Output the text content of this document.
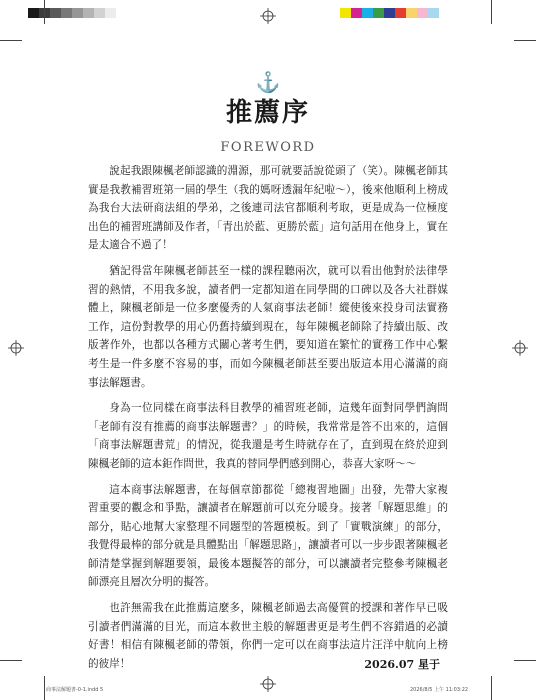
⚓
推薦序
FOREWORD

說起我跟陳楓老師認識的淵源，那可就要話說從頭了（笑）。陳楓老師其實是我教補習班第一屆的學生（我的媽呀透漏年紀啦～），後來他順利上榜成為我台大法研商法組的學弟，之後連司法官都順利考取，更是成為一位極度出色的補習班講師及作者，「青出於藍、更勝於藍」這句話用在他身上，實在是太適合不過了！

猶記得當年陳楓老師甚至一樣的課程聽兩次，就可以看出他對於法律學習的熱情，不用我多說，讀者們一定都知道在同學間的口碑以及各大社群媒體上，陳楓老師是一位多麼優秀的人氣商事法老師！縱使後來投身司法實務工作，這份對教學的用心仍舊持續到現在，每年陳楓老師除了持續出版、改版著作外，也都以各種方式關心著考生們，要知道在繁忙的實務工作中心繫考生是一件多麼不容易的事，而如今陳楓老師甚至要出版這本用心滿滿的商事法解題書。

身為一位同樣在商事法科目教學的補習班老師，這幾年面對同學們詢問「老師有沒有推薦的商事法解題書？」的時候，我常常是答不出來的，這個「商事法解題書荒」的情況，從我還是考生時就存在了，直到現在終於迎到陳楓老師的這本鉅作問世，我真的替同學們感到開心，恭喜大家呀～～

這本商事法解題書，在每個章節都從「總複習地圖」出發，先帶大家複習重要的觀念和爭點，讓讀者在解題前可以充分暖身。接著「解題思維」的部分，貼心地幫大家整理不同題型的答題模板。到了「實戰演練」的部分，我覺得最棒的部分就是具體點出「解題思路」，讓讀者可以一步步跟著陳楓老師清楚掌握到解題要領，最後本題擬答的部分，可以讓讀者完整參考陳楓老師漂亮且層次分明的擬答。

也許無需我在此推薦這麼多，陳楓老師過去高優質的授課和著作早已吸引讀者們滿滿的目光，而這本救世主般的解題書更是考生們不容錯過的必讀好書！相信有陳楓老師的帶領，你們一定可以在商事法這片汪洋中航向上榜的彼岸！	2026.07 星于
商事法解題書-0-1.indd 5	2026/8/5 上午 11:03:22
